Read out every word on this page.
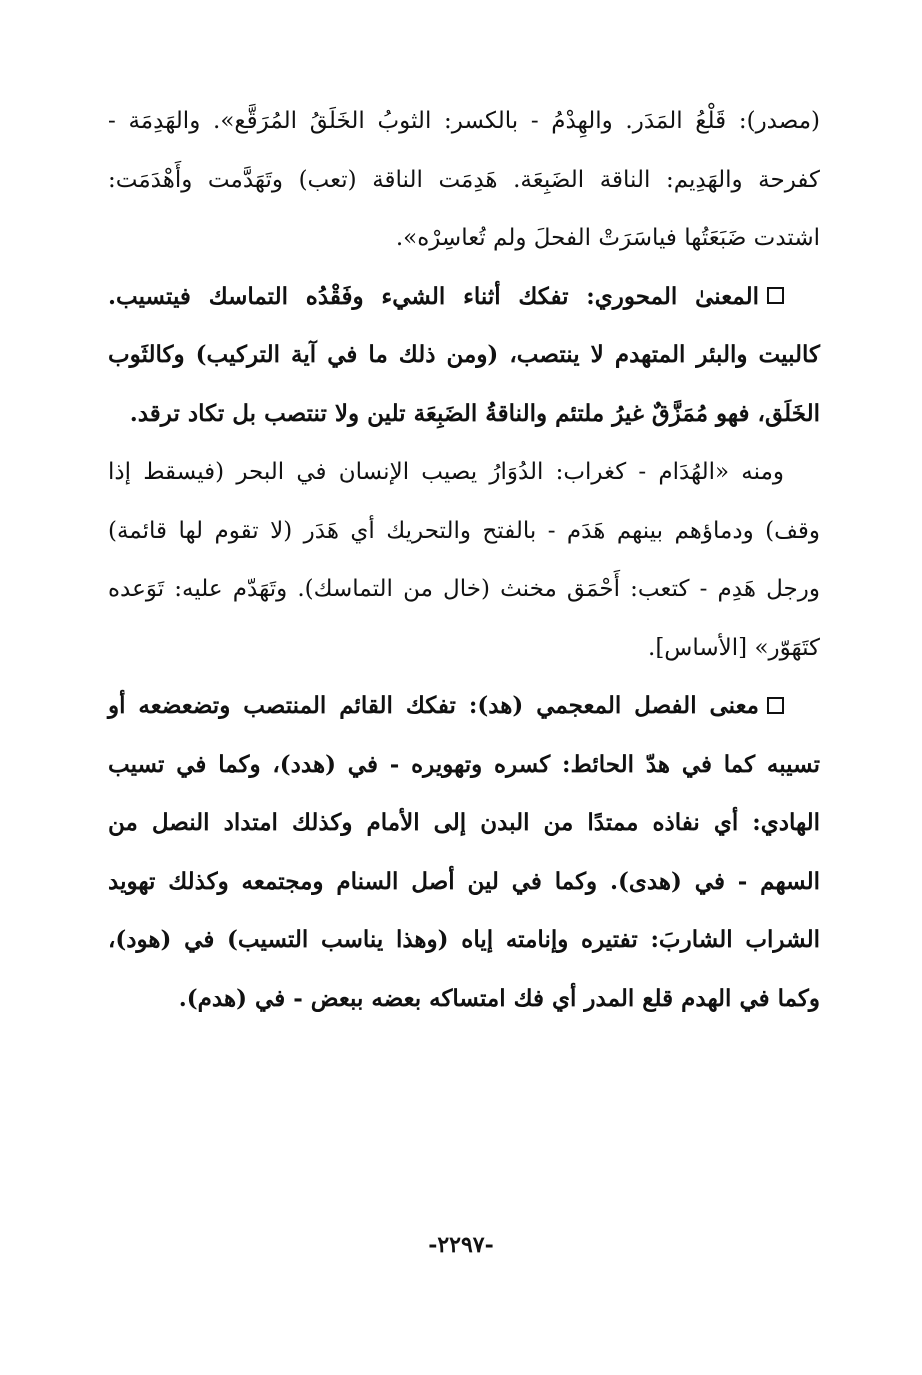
(مصدر): قَلْعُ المَدَر. والهِدْمُ - بالكسر: الثوبُ الخَلَقُ المُرَقَّع». والهَدِمَة - كفرحة والهَدِيم: الناقة الضَبِعَة. هَدِمَت الناقة (تعب) وتَهَدَّمت وأَهْدَمَت: اشتدت ضَبَعَتُها فياسَرَتْ الفحلَ ولم تُعاسِرْه».

المعنىٰ المحوري: تفكك أثناء الشيء وفَقْدُه التماسك فيتسيب. كالبيت والبئر المتهدم لا ينتصب، (ومن ذلك ما في آية التركيب) وكالثَوب الخَلَق، فهو مُمَزَّقٌ غيرُ ملتئم والناقةُ الضَبِعَة تلين ولا تنتصب بل تكاد ترقد.

ومنه «الهُدَام - كغراب: الدُوَارُ يصيب الإنسان في البحر (فيسقط إذا وقف) ودماؤهم بينهم هَدَم - بالفتح والتحريك أي هَدَر (لا تقوم لها قائمة) ورجل هَدِم - كتعب: أَحْمَق مخنث (خال من التماسك). وتَهَدّم عليه: تَوَعده كتَهَوّر» [الأساس].

معنى الفصل المعجمي (هد): تفكك القائم المنتصب وتضعضعه أو تسيبه كما في هدّ الحائط: كسره وتهويره - في (هدد)، وكما في تسيب الهادي: أي نفاذه ممتدًا من البدن إلى الأمام وكذلك امتداد النصل من السهم - في (هدى). وكما في لين أصل السنام ومجتمعه وكذلك تهويد الشراب الشاربَ: تفتيره وإنامته إياه (وهذا يناسب التسيب) في (هود)، وكما في الهدم قلع المدر أي فك امتساكه بعضه ببعض - في (هدم).

-٢٢٩٧-
